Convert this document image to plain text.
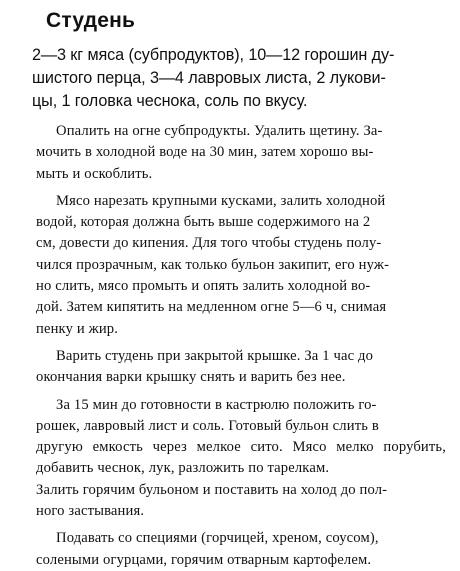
Студень
2—3 кг мяса (субпродуктов), 10—12 горошин ду-
шистого перца, 3—4 лавровых листа, 2 лукови-
цы, 1 головка чеснока, соль по вкусу.
Опалить на огне субпродукты. Удалить щетину. За-
мочить в холодной воде на 30 мин, затем хорошо вы-
мыть и оскоблить.
Мясо нарезать крупными кусками, залить холодной
водой, которая должна быть выше содержимого на 2
см, довести до кипения. Для того чтобы студень полу-
чился прозрачным, как только бульон закипит, его нуж-
но слить, мясо промыть и опять залить холодной во-
дой. Затем кипятить на медленном огне 5—6 ч, снимая
пенку и жир.
Варить студень при закрытой крышке. За 1 час до
окончания варки крышку снять и варить без нее.
За 15 мин до готовности в кастрюлю положить го-
рошек, лавровый лист и соль. Готовый бульон слить в
другую емкость через мелкое сито. Мясо мелко порубить, добавить чеснок, лук, разложить по тарелкам.
Залить горячим бульоном и поставить на холод до пол-
ного застывания.
Подавать со специями (горчицей, хреном, соусом),
солеными огурцами, горячим отварным картофелем.
